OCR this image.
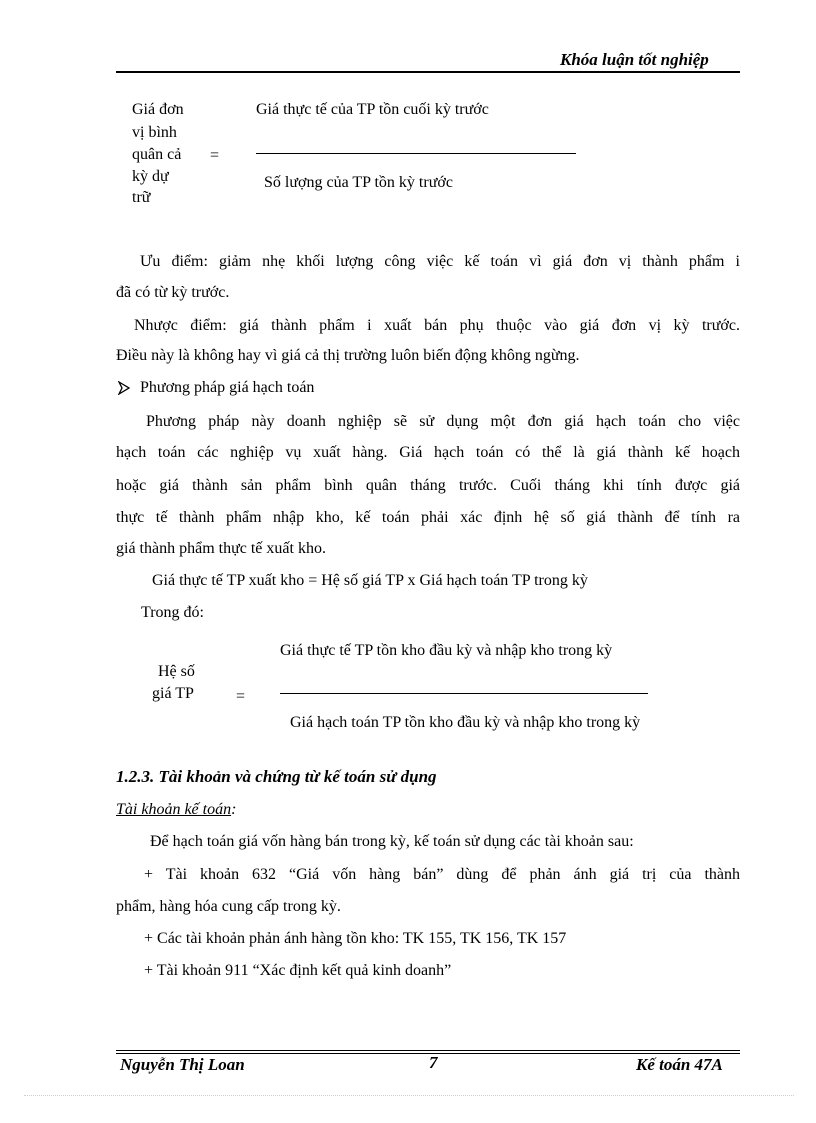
Khóa luận tốt nghiệp
Giá đơn
vị bình
quân cả
kỳ dự
trữ
=
Giá thực tế của TP tồn cuối kỳ trước
Số lượng của TP tồn kỳ trước
Ưu điểm: giảm nhẹ khối lượng công việc kế toán vì giá đơn vị thành phẩm i
đã có từ kỳ trước.
Nhược điểm: giá thành phẩm i xuất bán phụ thuộc vào giá đơn vị kỳ trước.
Điều này là không hay vì giá cả thị trường luôn biến động không ngừng.
Phương pháp giá hạch toán
Phương pháp này doanh nghiệp sẽ sử dụng một đơn giá hạch toán cho việc
hạch toán các nghiệp vụ xuất hàng. Giá hạch toán có thể là giá thành kế hoạch
hoặc giá thành sản phẩm bình quân tháng trước. Cuối tháng khi tính được giá
thực tế thành phẩm nhập kho, kế toán phải xác định hệ số giá thành để tính ra
giá thành phẩm thực tế xuất kho.
Giá thực tế TP xuất kho = Hệ số giá TP x Giá hạch toán TP trong kỳ
Trong đó:
Hệ số
giá TP	=
Giá thực tế TP tồn kho đầu kỳ và nhập kho trong kỳ
Giá hạch toán TP tồn kho đầu kỳ và nhập kho trong kỳ
1.2.3. Tài khoản và chứng từ kế toán sử dụng
Tài khoản kế toán:
Để hạch toán giá vốn hàng bán trong kỳ, kế toán sử dụng các tài khoản sau:
+ Tài khoản 632 “Giá vốn hàng bán” dùng để phản ánh giá trị của thành
phẩm, hàng hóa cung cấp trong kỳ.
+ Các tài khoản phản ánh hàng tồn kho: TK 155, TK 156, TK 157
+ Tài khoản 911 “Xác định kết quả kinh doanh”
Nguyễn Thị Loan	7	Kế toán 47A
